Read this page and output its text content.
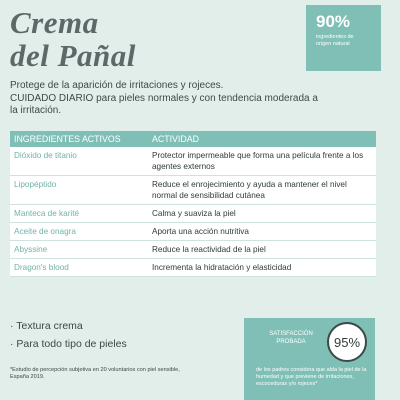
Crema
del Pañal
90%
ingredientes de
origen natural
Protege de la aparición de irritaciones y rojeces.
CUIDADO DIARIO para pieles normales y con tendencia moderada a
la irritación.
INGREDIENTES ACTIVOS	ACTIVIDAD
Dióxido de titanio	Protector impermeable que forma una película frente a los agentes externos
Lipopéptido	Reduce el enrojecimiento y ayuda a mantener el nivel normal de sensibilidad cutánea
Manteca de karité	Calma y suaviza la piel
Aceite de onagra	Aporta una acción nutritiva
Abyssine	Reduce la reactividad de la piel
Dragon's blood	Incrementa la hidratación y elasticidad
· Textura crema
· Para todo tipo de pieles
*Estudio de percepción subjetiva en 20 voluntarios con piel sensible, España 2019.
SATISFACCIÓN
PROBADA	95%
de los padres considera que alda la piel de la humedad y que previene de irritaciones, escoceduras y/o rojeces*
